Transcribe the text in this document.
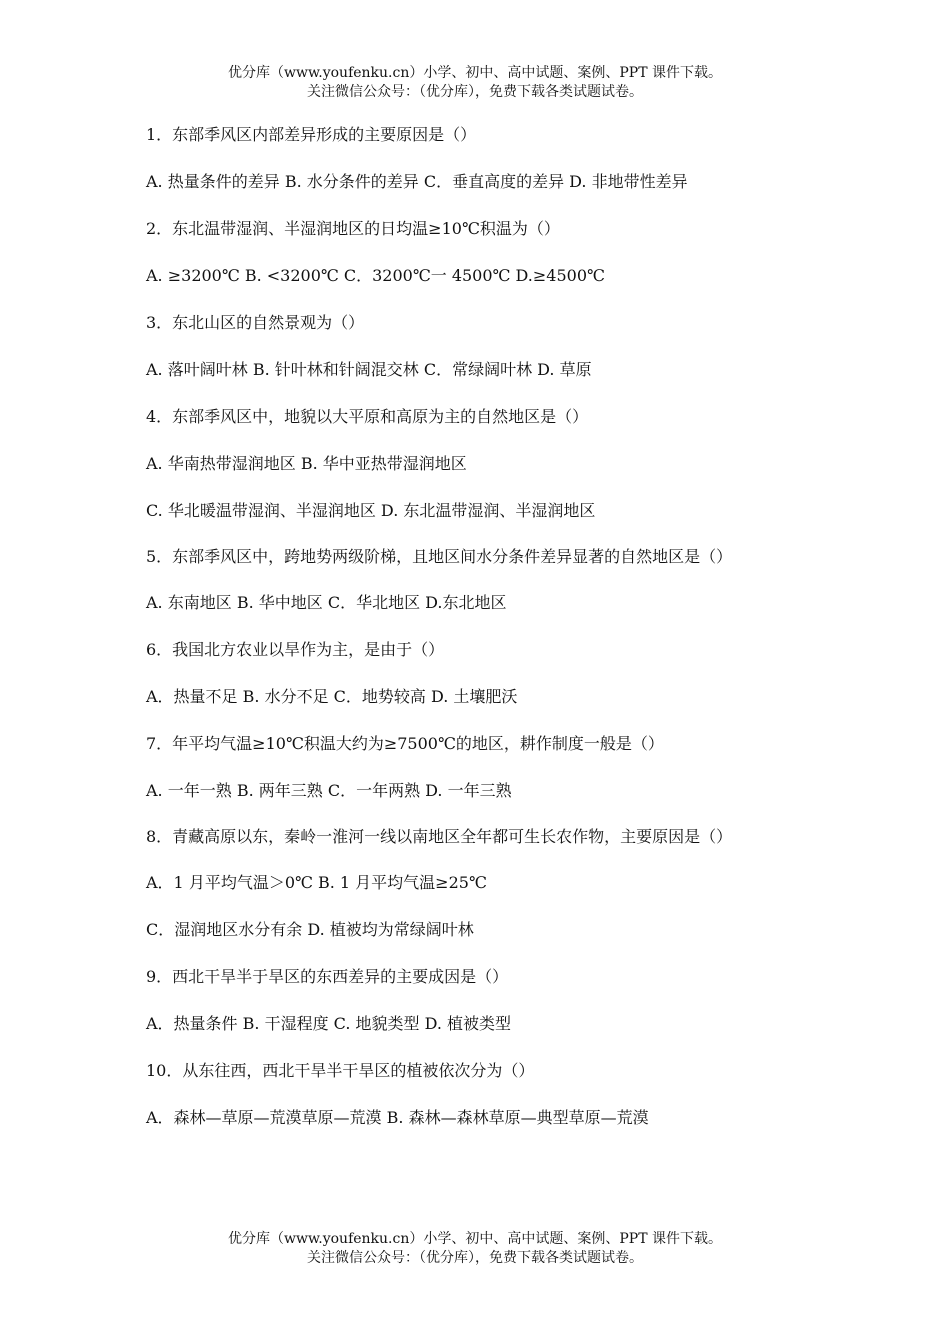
优分库（www.youfenku.cn）小学、初中、高中试题、案例、PPT 课件下载。
关注微信公众号：（优分库），免费下载各类试题试卷。
1．东部季风区内部差异形成的主要原因是（）
A. 热量条件的差异 B. 水分条件的差异 C．垂直高度的差异 D. 非地带性差异
2．东北温带湿润、半湿润地区的日均温≥10℃积温为（）
A. ≥3200℃ B. <3200℃ C．3200℃一 4500℃ D.≥4500℃
3．东北山区的自然景观为（）
A. 落叶阔叶林 B. 针叶林和针阔混交林 C．常绿阔叶林 D. 草原
4．东部季风区中，地貌以大平原和高原为主的自然地区是（）
A. 华南热带湿润地区 B. 华中亚热带湿润地区
C. 华北暖温带湿润、半湿润地区 D. 东北温带湿润、半湿润地区
5．东部季风区中，跨地势两级阶梯，且地区间水分条件差异显著的自然地区是（）
A. 东南地区 B. 华中地区 C．华北地区 D.东北地区
6．我国北方农业以旱作为主，是由于（）
A．热量不足 B. 水分不足 C．地势较高 D. 土壤肥沃
7．年平均气温≥10℃积温大约为≥7500℃的地区，耕作制度一般是（）
A. 一年一熟 B. 两年三熟 C．一年两熟 D. 一年三熟
8．青藏高原以东，秦岭一淮河一线以南地区全年都可生长农作物，主要原因是（）
A．1 月平均气温＞0℃ B. 1 月平均气温≥25℃
C．湿润地区水分有余 D. 植被均为常绿阔叶林
9．西北干旱半于旱区的东西差异的主要成因是（）
A．热量条件 B. 干湿程度 C. 地貌类型 D. 植被类型
10．从东往西，西北干旱半干旱区的植被依次分为（）
A．森林—草原—荒漠草原—荒漠 B. 森林—森林草原—典型草原—荒漠
优分库（www.youfenku.cn）小学、初中、高中试题、案例、PPT 课件下载。
关注微信公众号：（优分库），免费下载各类试题试卷。
